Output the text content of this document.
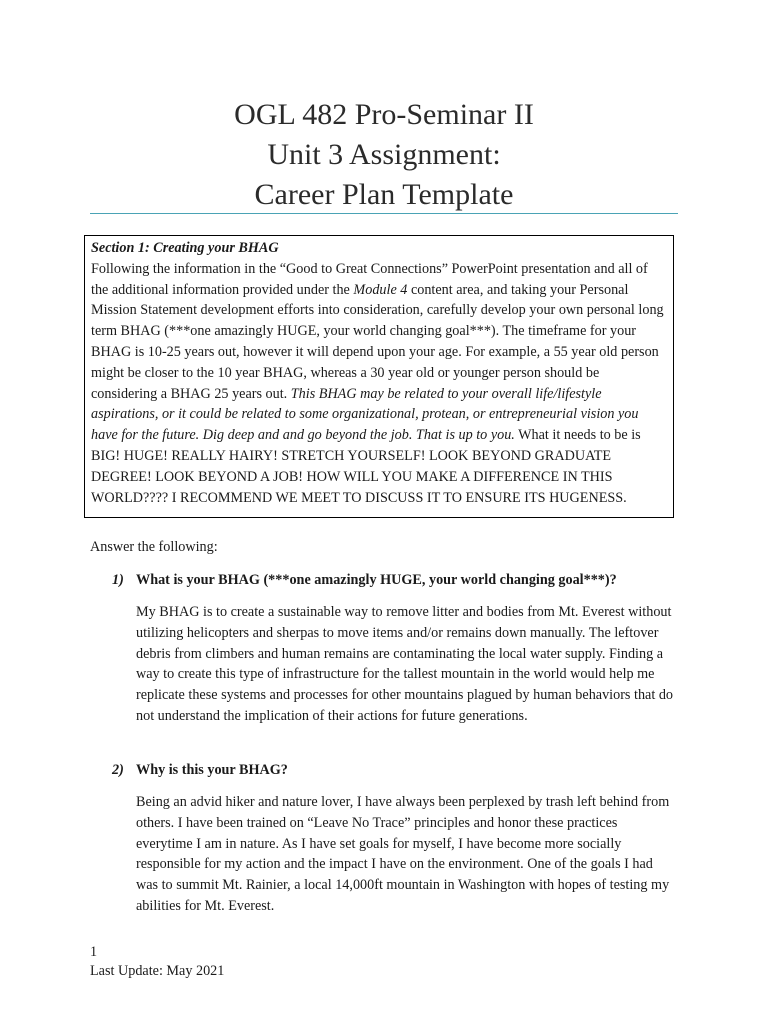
OGL 482 Pro-Seminar II
Unit 3 Assignment:
Career Plan Template
Section 1: Creating your BHAG
Following the information in the “Good to Great Connections” PowerPoint presentation and all of the additional information provided under the Module 4 content area, and taking your Personal Mission Statement development efforts into consideration, carefully develop your own personal long term BHAG (***one amazingly HUGE, your world changing goal***). The timeframe for your BHAG is 10-25 years out, however it will depend upon your age. For example, a 55 year old person might be closer to the 10 year BHAG, whereas a 30 year old or younger person should be considering a BHAG 25 years out. This BHAG may be related to your overall life/lifestyle aspirations, or it could be related to some organizational, protean, or entrepreneurial vision you have for the future. Dig deep and and go beyond the job. That is up to you. What it needs to be is BIG! HUGE! REALLY HAIRY! STRETCH YOURSELF! LOOK BEYOND GRADUATE DEGREE! LOOK BEYOND A JOB! HOW WILL YOU MAKE A DIFFERENCE IN THIS WORLD???? I RECOMMEND WE MEET TO DISCUSS IT TO ENSURE ITS HUGENESS.
Answer the following:
1) What is your BHAG (***one amazingly HUGE, your world changing goal***)?
My BHAG is to create a sustainable way to remove litter and bodies from Mt. Everest without utilizing helicopters and sherpas to move items and/or remains down manually. The leftover debris from climbers and human remains are contaminating the local water supply. Finding a way to create this type of infrastructure for the tallest mountain in the world would help me replicate these systems and processes for other mountains plagued by human behaviors that do not understand the implication of their actions for future generations.
2) Why is this your BHAG?
Being an advid hiker and nature lover, I have always been perplexed by trash left behind from others. I have been trained on “Leave No Trace” principles and honor these practices everytime I am in nature. As I have set goals for myself, I have become more socially responsible for my action and the impact I have on the environment. One of the goals I had was to summit Mt. Rainier, a local 14,000ft mountain in Washington with hopes of testing my abilities for Mt. Everest.
1
Last Update: May 2021
